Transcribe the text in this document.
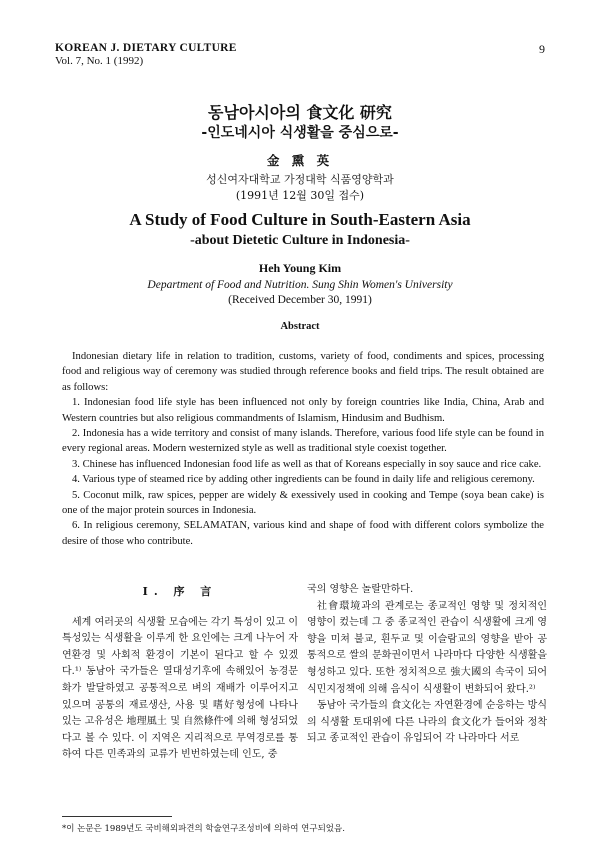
KOREAN J. DIETARY CULTURE
Vol. 7, No. 1 (1992)
9
동남아시아의 食文化 研究
-인도네시아 식생활을 중심으로-
金 熏 英
성신여자대학교 가정대학 식품영양학과
(1991년 12월 30일 접수)
A Study of Food Culture in South-Eastern Asia
-about Dietetic Culture in Indonesia-
Heh Young Kim
Department of Food and Nutrition. Sung Shin Women's University
(Received December 30, 1991)
Abstract

Indonesian dietary life in relation to tradition, customs, variety of food, condiments and spices, processing food and religious way of ceremony was studied through reference books and field trips. The result obtained are as follows:

1. Indonesian food life style has been influenced not only by foreign countries like India, China, Arab and Western countries but also religious commandments of Islamism, Hindusim and Budhism.

2. Indonesia has a wide territory and consist of many islands. Therefore, various food life style can be found in every regional areas. Modern westernized style as well as traditional style coexist together.

3. Chinese has influenced Indonesian food life as well as that of Koreans especially in soy sauce and rice cake.

4. Various type of steamed rice by adding other ingredients can be found in daily life and religious ceremony.

5. Coconut milk, raw spices, pepper are widely & exessively used in cooking and Tempe (soya bean cake) is one of the major protein sources in Indonesia.

6. In religious ceremony, SELAMATAN, various kind and shape of food with different colors symbolize the desire of those who contribute.

I. 序 言

세계 여러곳의 식생활 모습에는 각기 특성이 있고 이 특성있는 식생활을 이루게 한 요인에는 크게 나누어 자연환경 및 사회적 환경이 기본이 된다고 할 수 있겠다.¹⁾ 동남아 국가들은 열대성기후에 속해있어 농경문화가 발달하였고 공통적으로 벼의 재배가 이루어지고 있으며 공통의 재료생산, 사용 및 嗜好형성에 나타나 있는 고유성은 地理風土 및 自然條件에 의해 형성되었다고 볼 수 있다. 이 지역은 지리적으로 무역경로를 통하여 다른 민족과의 교류가 빈번하였는데 인도, 중

국의 영향은 놀랄만하다.

社會環境과의 관계로는 종교적인 영향 및 정치적인 영향이 컸는데 그 중 종교적인 관습이 식생활에 크게 영향을 미쳐 불교, 흰두교 및 이슬람교의 영향을 받아 공통적으로 쌀의 문화권이면서 나라마다 다양한 식생활을 형성하고 있다. 또한 정치적으로 強大國의 속국이 되어 식민지정책에 의해 음식이 식생활이 변화되어 왔다.²⁾

동남아 국가들의 食文化는 자연환경에 순응하는 방식의 식생활 토대위에 다른 나라의 食文化가 들어와 정착되고 종교적인 관습이 유입되어 각 나라마다 서로

*이 논문은 1989년도 국비해외파견의 학술연구조성비에 의하여 연구되었음.
